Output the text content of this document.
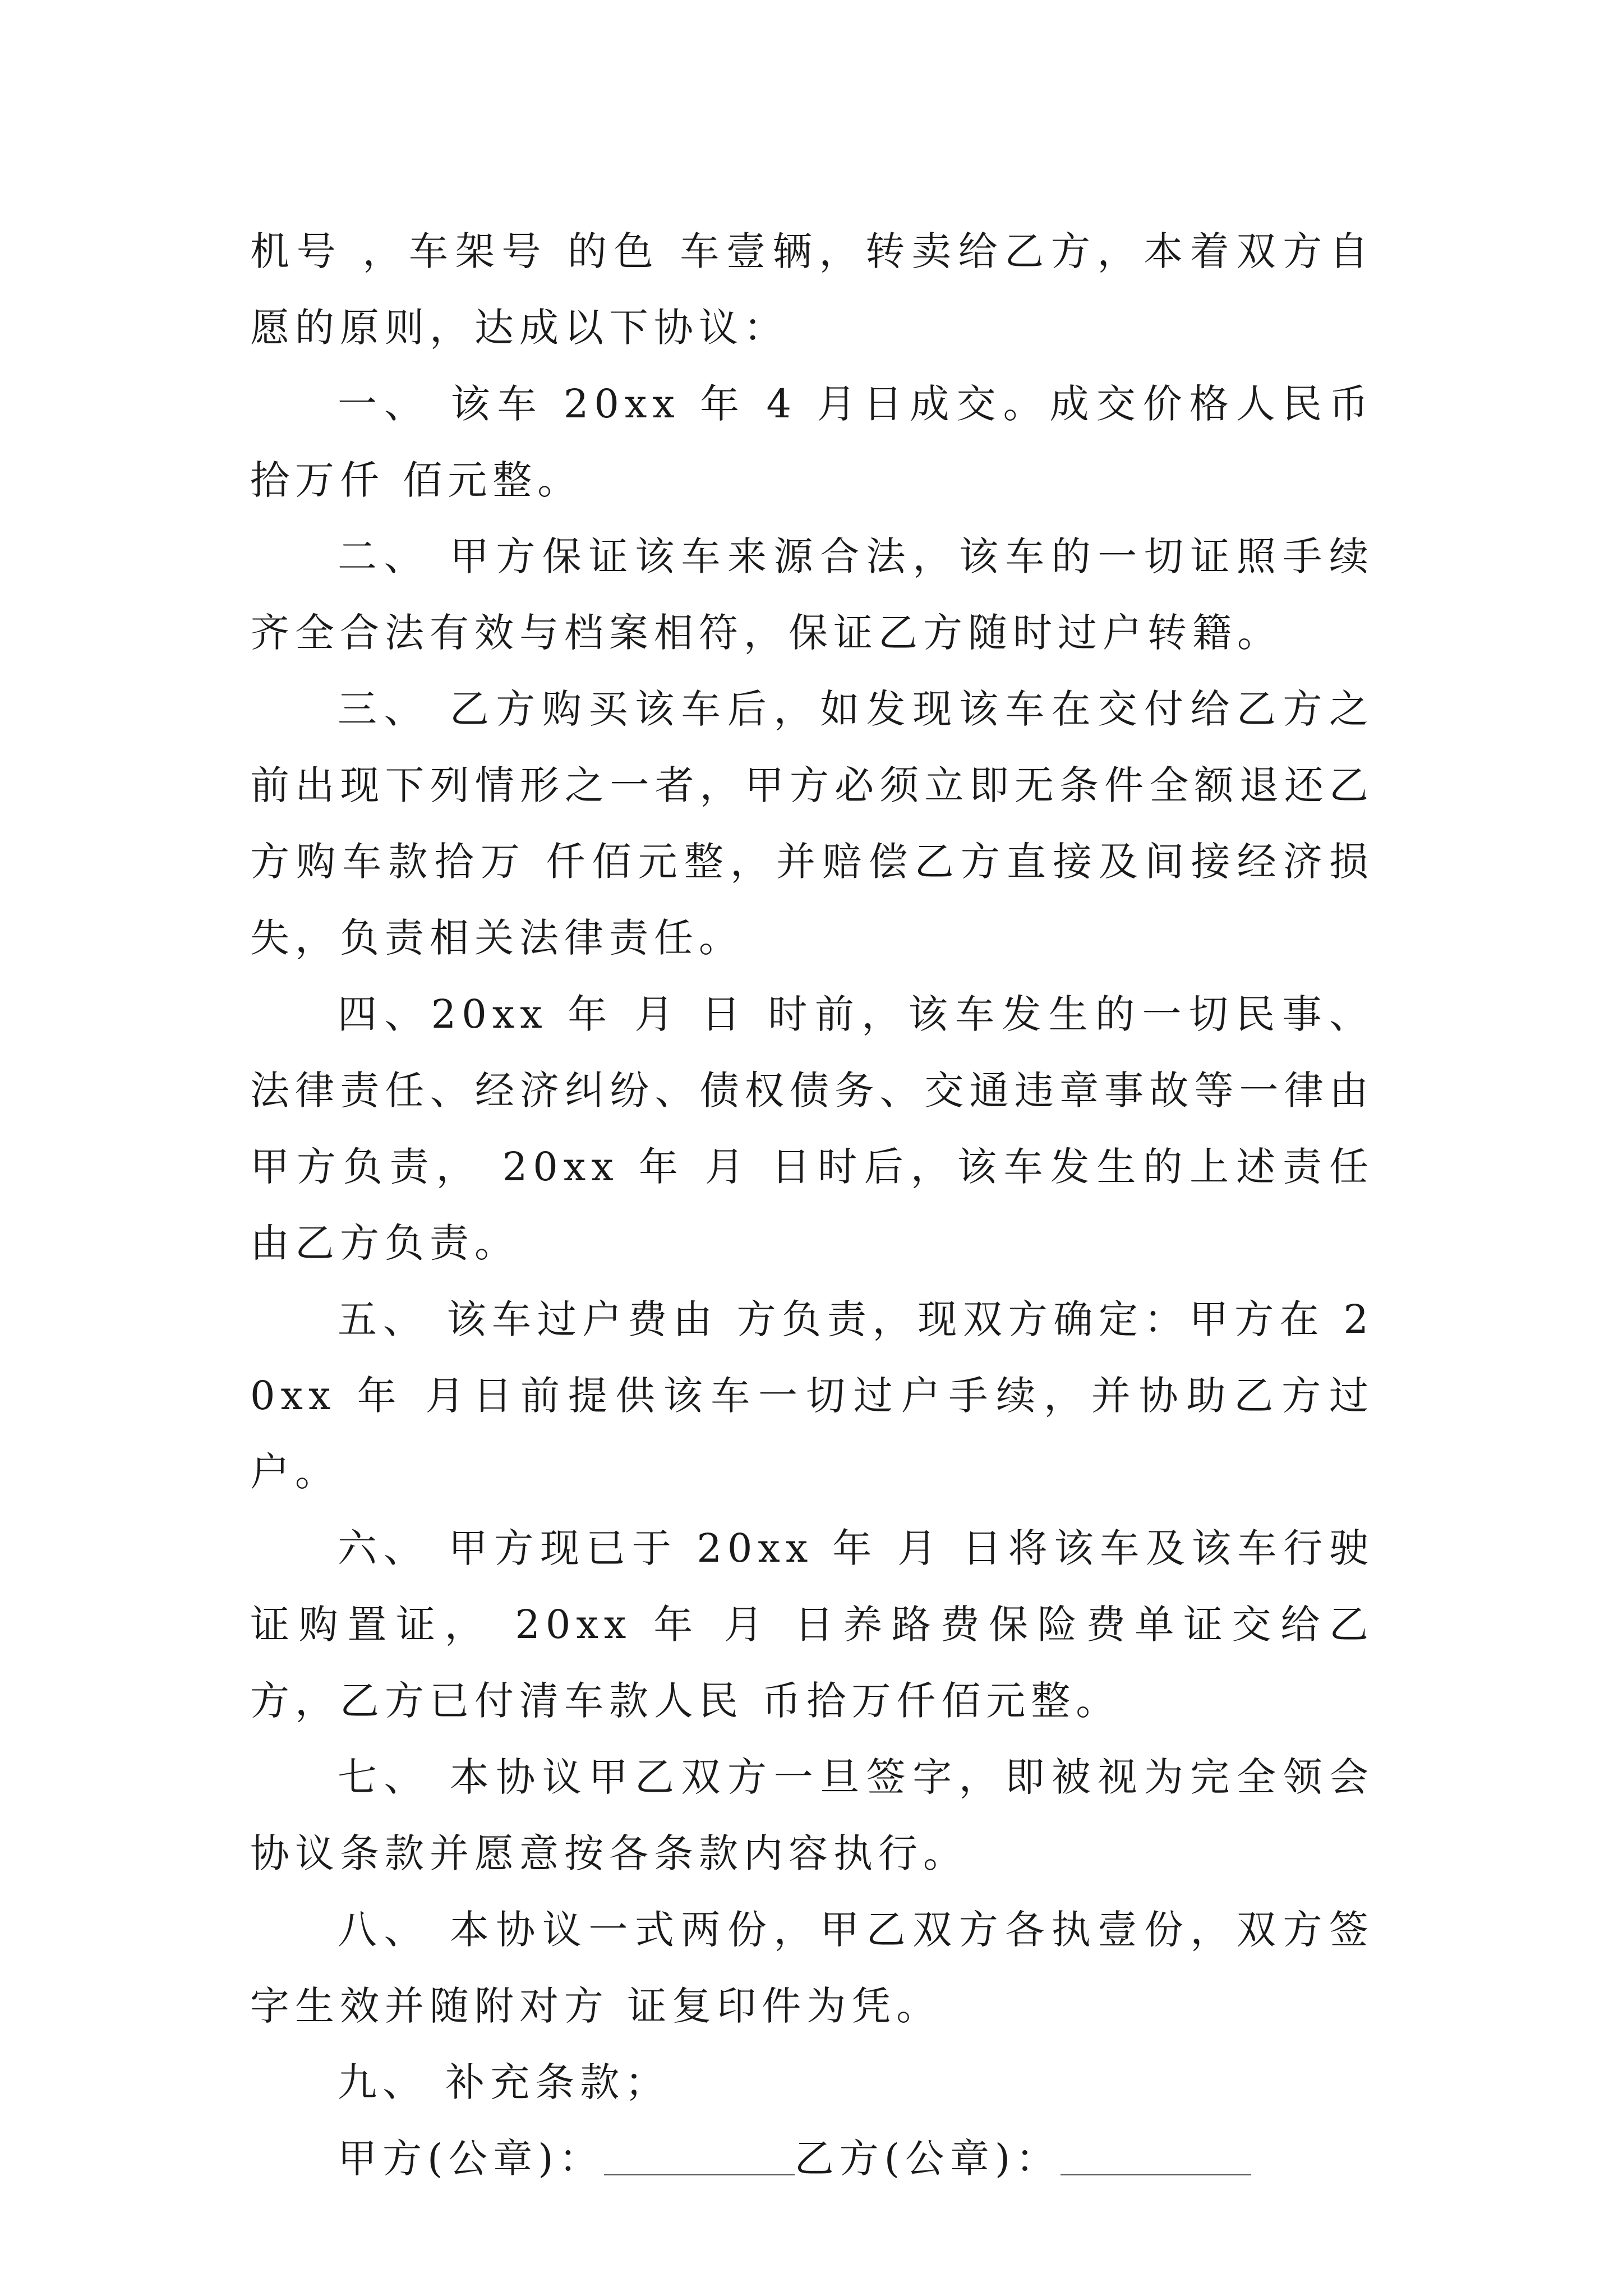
机号 ，车架号 的色 车壹辆，转卖给乙方，本着双方自愿的原则，达成以下协议：

一、 该车 20xx 年 4 月日成交。成交价格人民币拾万仟 佰元整。

二、 甲方保证该车来源合法，该车的一切证照手续齐全合法有效与档案相符，保证乙方随时过户转籍。

三、 乙方购买该车后，如发现该车在交付给乙方之前出现下列情形之一者，甲方必须立即无条件全额退还乙方购车款拾万 仟佰元整，并赔偿乙方直接及间接经济损失，负责相关法律责任。

四、20xx 年 月 日 时前，该车发生的一切民事、法律责任、经济纠纷、债权债务、交通违章事故等一律由甲方负责， 20xx 年 月 日时后，该车发生的上述责任由乙方负责。

五、 该车过户费由 方负责，现双方确定：甲方在 20xx 年 月日前提供该车一切过户手续，并协助乙方过户。

六、 甲方现已于 20xx 年 月 日将该车及该车行驶证购置证， 20xx 年 月 日养路费保险费单证交给乙方，乙方已付清车款人民 币拾万仟佰元整。

七、 本协议甲乙双方一旦签字，即被视为完全领会协议条款并愿意按各条款内容执行。

八、 本协议一式两份，甲乙双方各执壹份，双方签字生效并随附对方 证复印件为凭。

九、 补充条款；

甲方(公章)：	乙方(公章)：
